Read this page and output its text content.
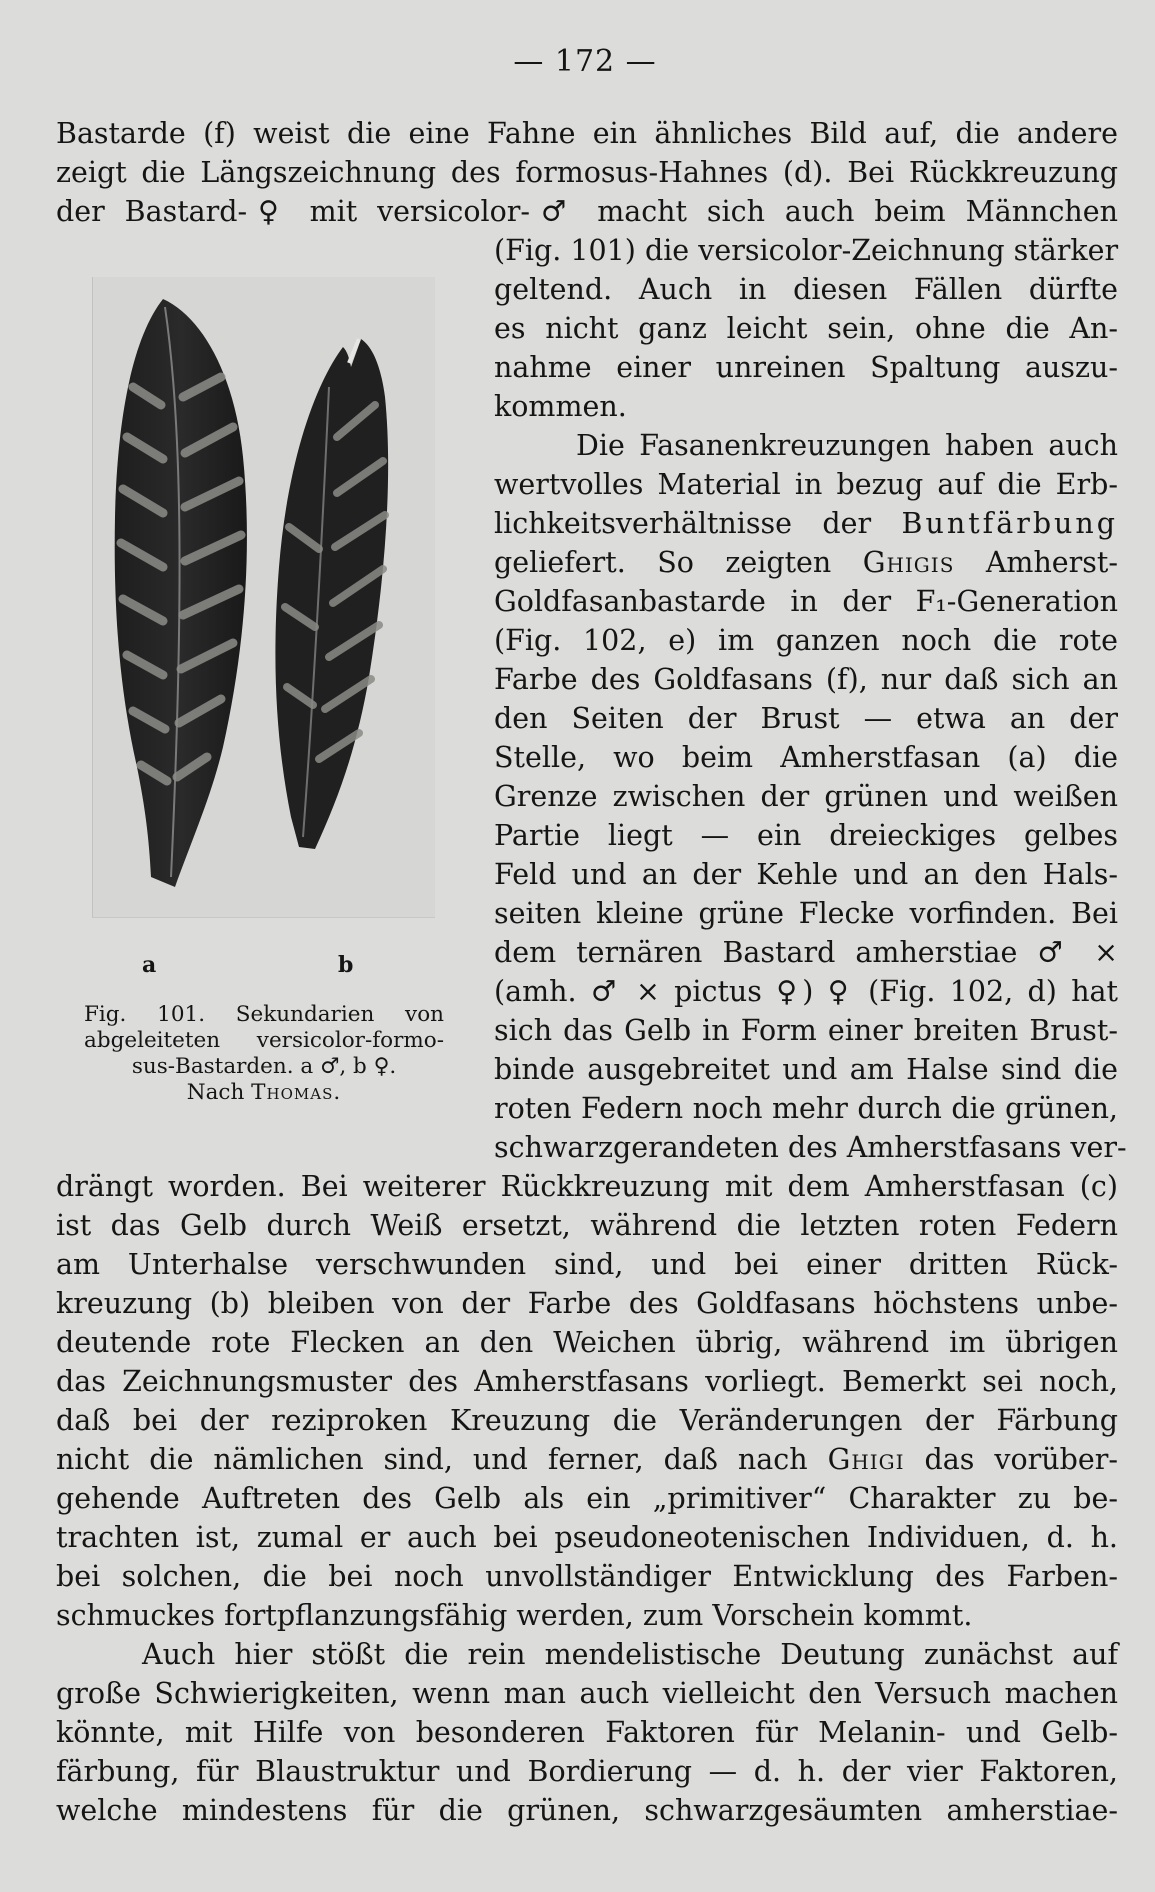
— 172 —

Bastarde (f) weist die eine Fahne ein ähnliches Bild auf, die andere

zeigt die Längszeichnung des formosus-Hahnes (d). Bei Rückkreuzung

der Bastard-♀ mit versicolor-♂ macht sich auch beim Männchen

a	b
Fig. 101. Sekundarien von
abgeleiteten versicolor-formo-
sus-Bastarden. a ♂, b ♀.
Nach Thomas.

(Fig. 101) die versicolor-Zeichnung stärker

geltend. Auch in diesen Fällen dürfte

es nicht ganz leicht sein, ohne die An-

nahme einer unreinen Spaltung auszu-

kommen.

Die Fasanenkreuzungen haben auch

wertvolles Material in bezug auf die Erb-

lichkeitsverhältnisse der Buntfärbung

geliefert. So zeigten Ghigis Amherst-

Goldfasanbastarde in der F₁-Generation

(Fig. 102, e) im ganzen noch die rote

Farbe des Goldfasans (f), nur daß sich an

den Seiten der Brust — etwa an der

Stelle, wo beim Amherstfasan (a) die

Grenze zwischen der grünen und weißen

Partie liegt — ein dreieckiges gelbes

Feld und an der Kehle und an den Hals-

seiten kleine grüne Flecke vorfinden. Bei

dem ternären Bastard amherstiae ♂ ×

(amh. ♂ × pictus ♀) ♀ (Fig. 102, d) hat

sich das Gelb in Form einer breiten Brust-

binde ausgebreitet und am Halse sind die

roten Federn noch mehr durch die grünen,

schwarzgerandeten des Amherstfasans ver-

drängt worden. Bei weiterer Rückkreuzung mit dem Amherstfasan (c)

ist das Gelb durch Weiß ersetzt, während die letzten roten Federn

am Unterhalse verschwunden sind, und bei einer dritten Rück-

kreuzung (b) bleiben von der Farbe des Goldfasans höchstens unbe-

deutende rote Flecken an den Weichen übrig, während im übrigen

das Zeichnungsmuster des Amherstfasans vorliegt. Bemerkt sei noch,

daß bei der reziproken Kreuzung die Veränderungen der Färbung

nicht die nämlichen sind, und ferner, daß nach Ghigi das vorüber-

gehende Auftreten des Gelb als ein „primitiver“ Charakter zu be-

trachten ist, zumal er auch bei pseudoneotenischen Individuen, d. h.

bei solchen, die bei noch unvollständiger Entwicklung des Farben-

schmuckes fortpflanzungsfähig werden, zum Vorschein kommt.

Auch hier stößt die rein mendelistische Deutung zunächst auf

große Schwierigkeiten, wenn man auch vielleicht den Versuch machen

könnte, mit Hilfe von besonderen Faktoren für Melanin- und Gelb-

färbung, für Blaustruktur und Bordierung — d. h. der vier Faktoren,

welche mindestens für die grünen, schwarzgesäumten amherstiae-
